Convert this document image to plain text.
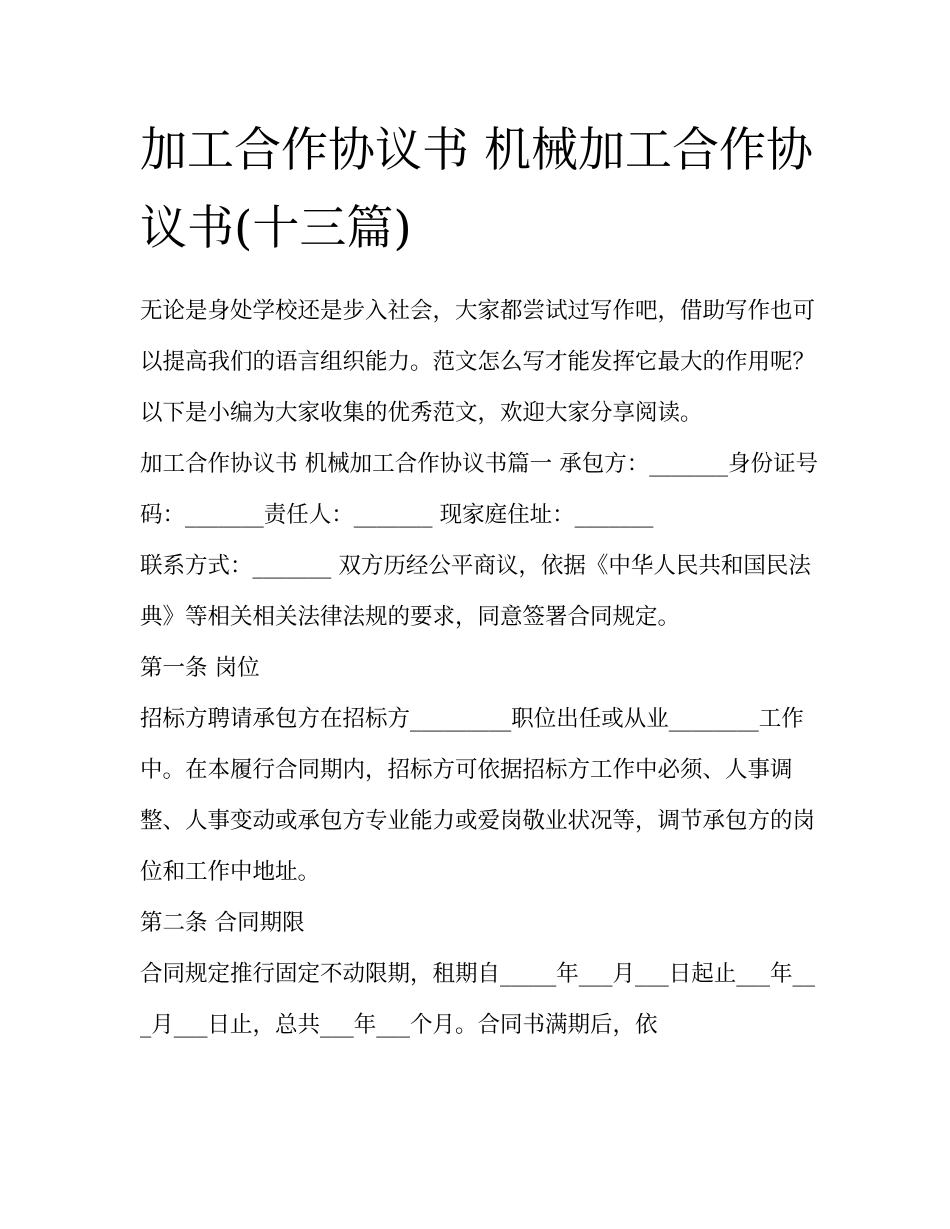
加工合作协议书 机械加工合作协议书(十三篇)

无论是身处学校还是步入社会，大家都尝试过写作吧，借助写作也可以提高我们的语言组织能力。范文怎么写才能发挥它最大的作用呢？以下是小编为大家收集的优秀范文，欢迎大家分享阅读。

加工合作协议书 机械加工合作协议书篇一 承包方：_______身份证号码：_______责任人：_______ 现家庭住址：_______

联系方式：_______ 双方历经公平商议，依据《中华人民共和国民法典》等相关相关法律法规的要求，同意签署合同规定。

第一条 岗位

招标方聘请承包方在招标方_________职位出任或从业________工作中。在本履行合同期内，招标方可依据招标方工作中必须、人事调整、人事变动或承包方专业能力或爱岗敬业状况等，调节承包方的岗位和工作中地址。

第二条 合同期限

合同规定推行固定不动限期，租期自_____年___月___日起止___年___月___日止，总共___年___个月。合同书满期后，依
